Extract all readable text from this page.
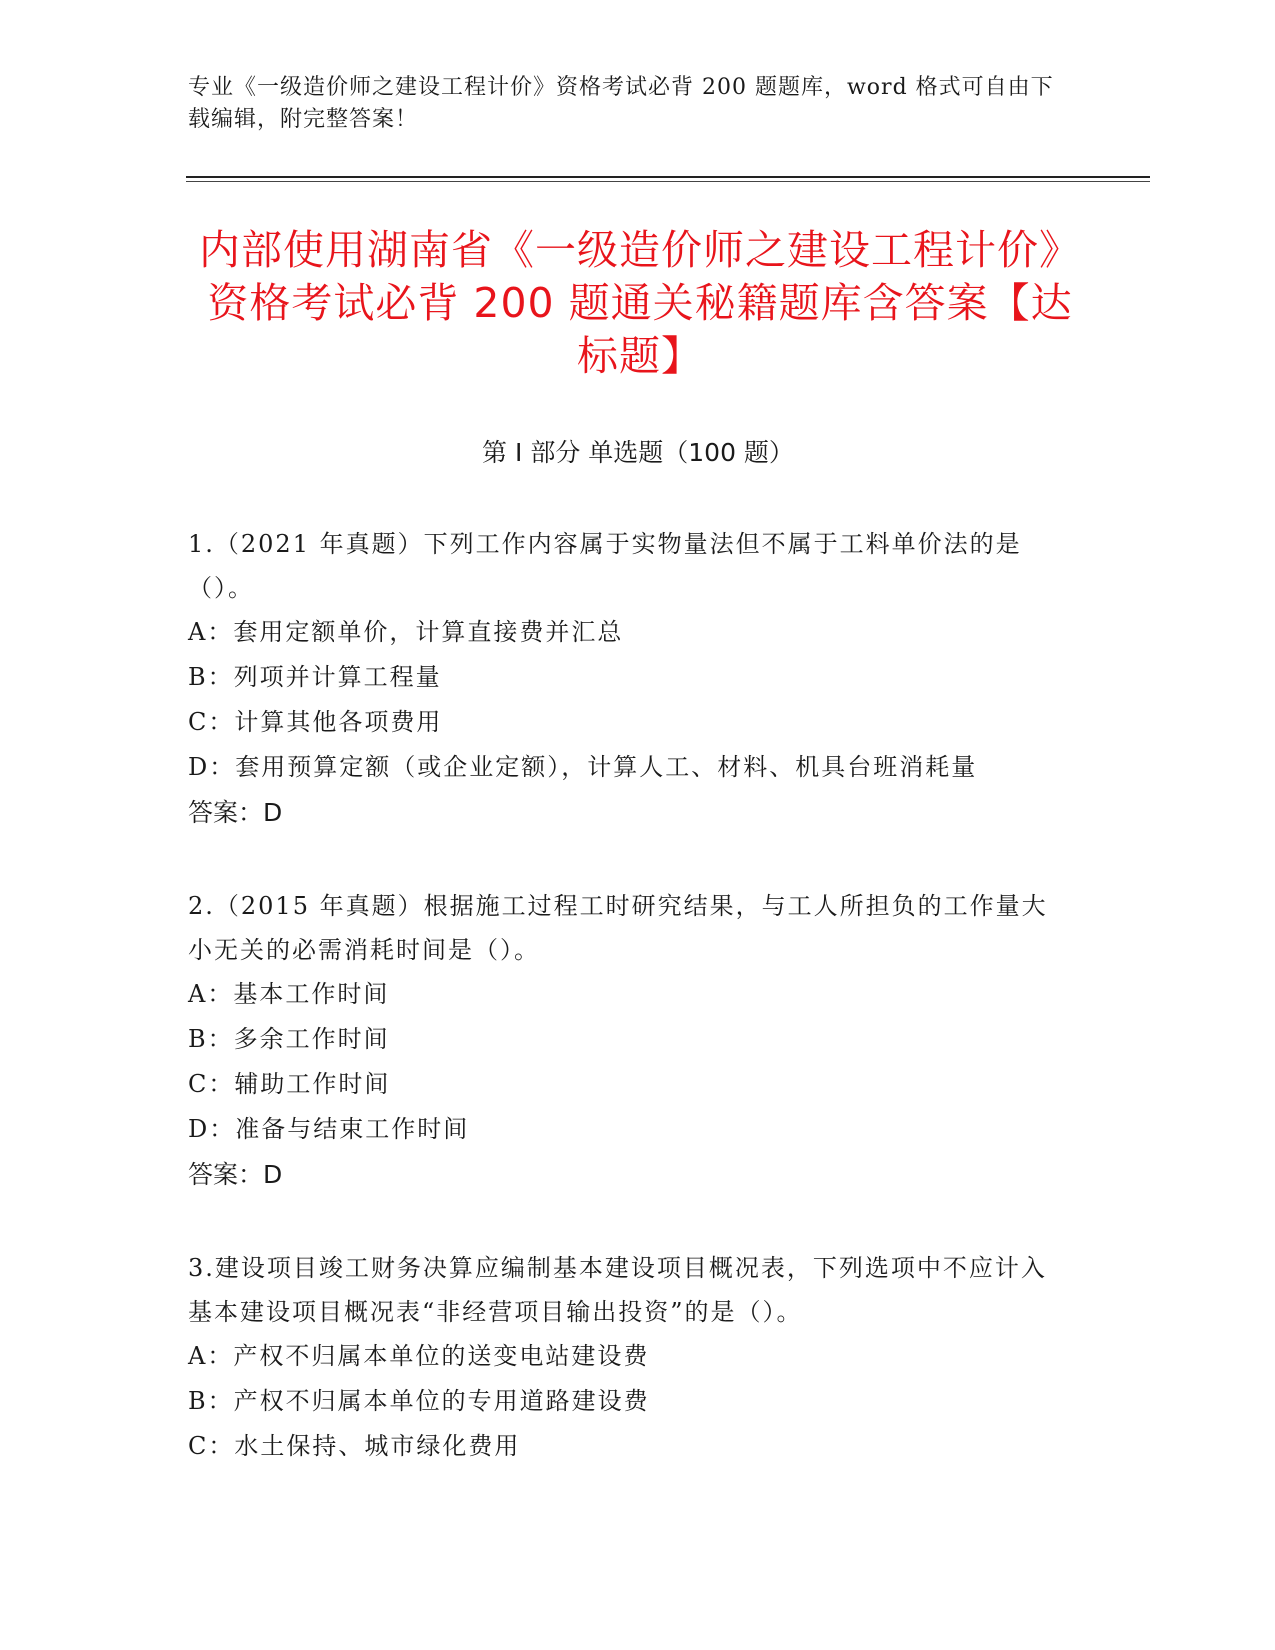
专业《一级造价师之建设工程计价》资格考试必背 200 题题库，word 格式可自由下载编辑，附完整答案！
内部使用湖南省《一级造价师之建设工程计价》资格考试必背 200 题通关秘籍题库含答案【达标题】
第 I 部分 单选题（100 题）

1.（2021 年真题）下列工作内容属于实物量法但不属于工料单价法的是（）。

A：套用定额单价，计算直接费并汇总

B：列项并计算工程量

C：计算其他各项费用

D：套用预算定额（或企业定额），计算人工、材料、机具台班消耗量

答案：D

2.（2015 年真题）根据施工过程工时研究结果，与工人所担负的工作量大小无关的必需消耗时间是（）。

A：基本工作时间

B：多余工作时间

C：辅助工作时间

D：准备与结束工作时间

答案：D

3.建设项目竣工财务决算应编制基本建设项目概况表，下列选项中不应计入基本建设项目概况表“非经营项目输出投资”的是（）。

A：产权不归属本单位的送变电站建设费

B：产权不归属本单位的专用道路建设费

C：水土保持、城市绿化费用
